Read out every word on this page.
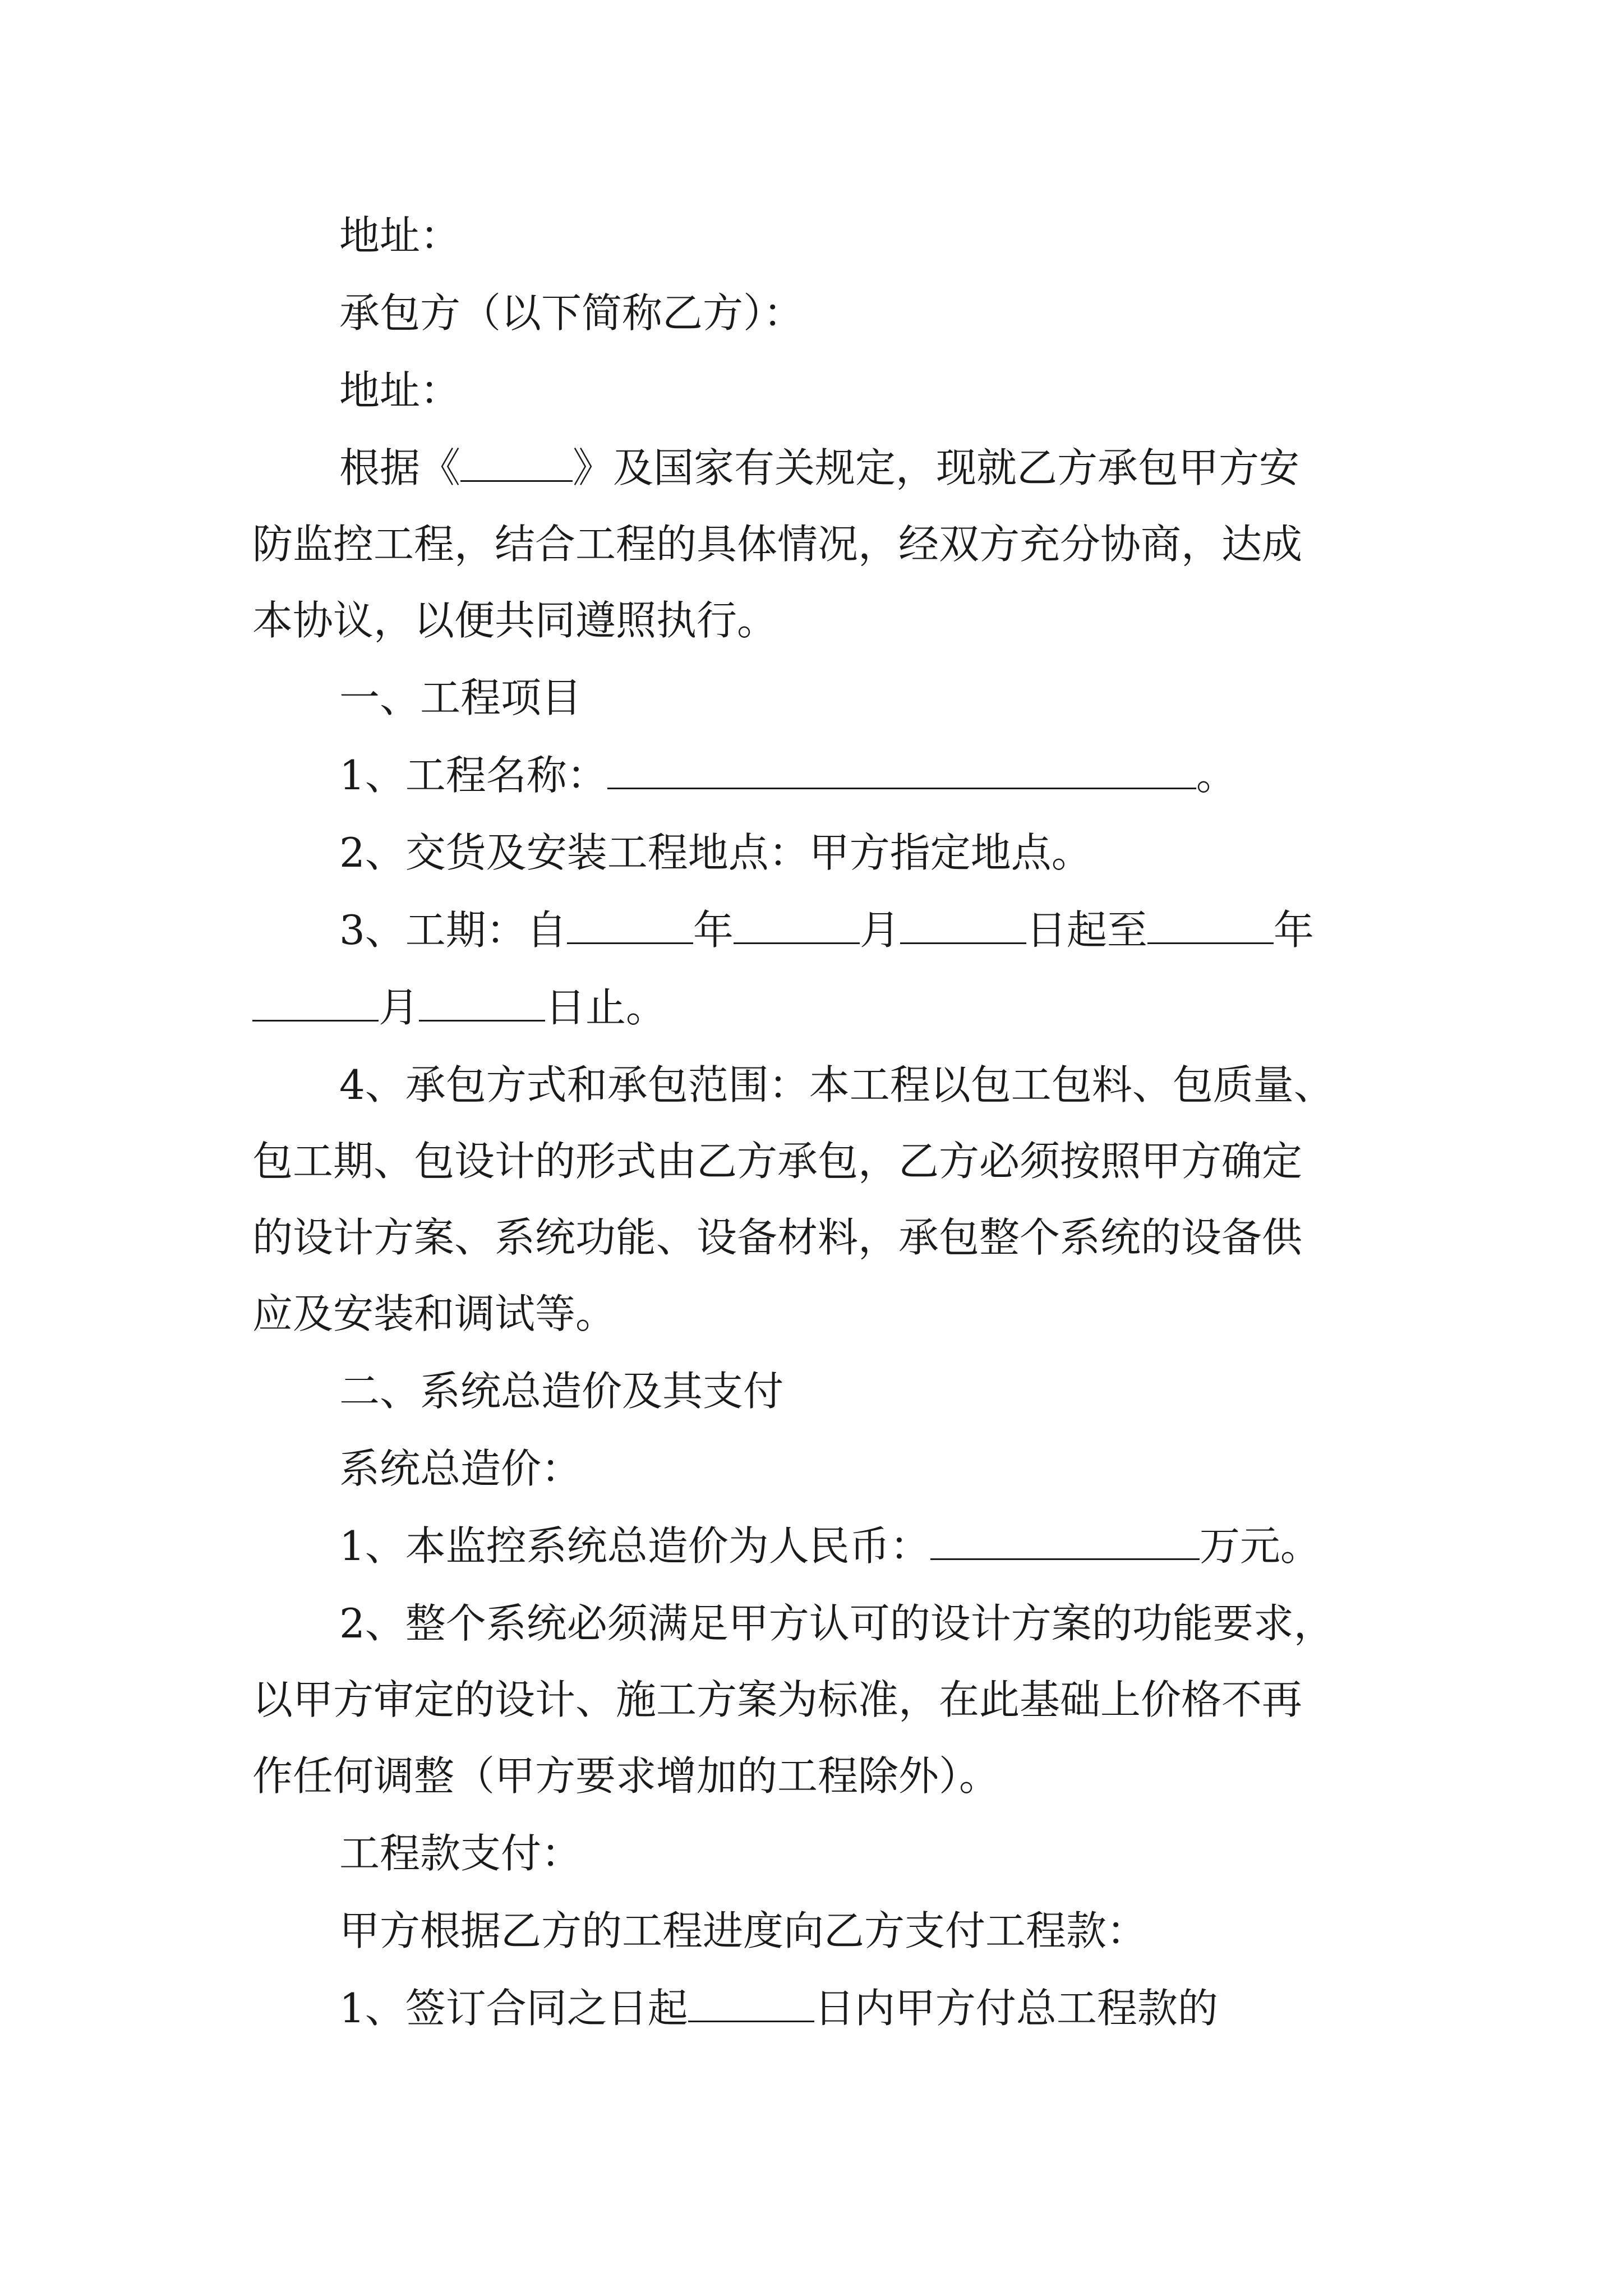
地址：
承包方（以下简称乙方）：
地址：
根据《	》及国家有关规定，现就乙方承包甲方安
防监控工程，结合工程的具体情况，经双方充分协商，达成
本协议，以便共同遵照执行。
一、工程项目
1、工程名称：	。
2、交货及安装工程地点：甲方指定地点。
3、工期：自	年	月	日起至	年
月	日止。
4、承包方式和承包范围：本工程以包工包料、包质量、
包工期、包设计的形式由乙方承包，乙方必须按照甲方确定
的设计方案、系统功能、设备材料，承包整个系统的设备供
应及安装和调试等。
二、系统总造价及其支付
系统总造价：
1、本监控系统总造价为人民币：	万元。
2、整个系统必须满足甲方认可的设计方案的功能要求，
以甲方审定的设计、施工方案为标准，在此基础上价格不再
作任何调整（甲方要求增加的工程除外）。
工程款支付：
甲方根据乙方的工程进度向乙方支付工程款：
1、签订合同之日起	日内甲方付总工程款的
